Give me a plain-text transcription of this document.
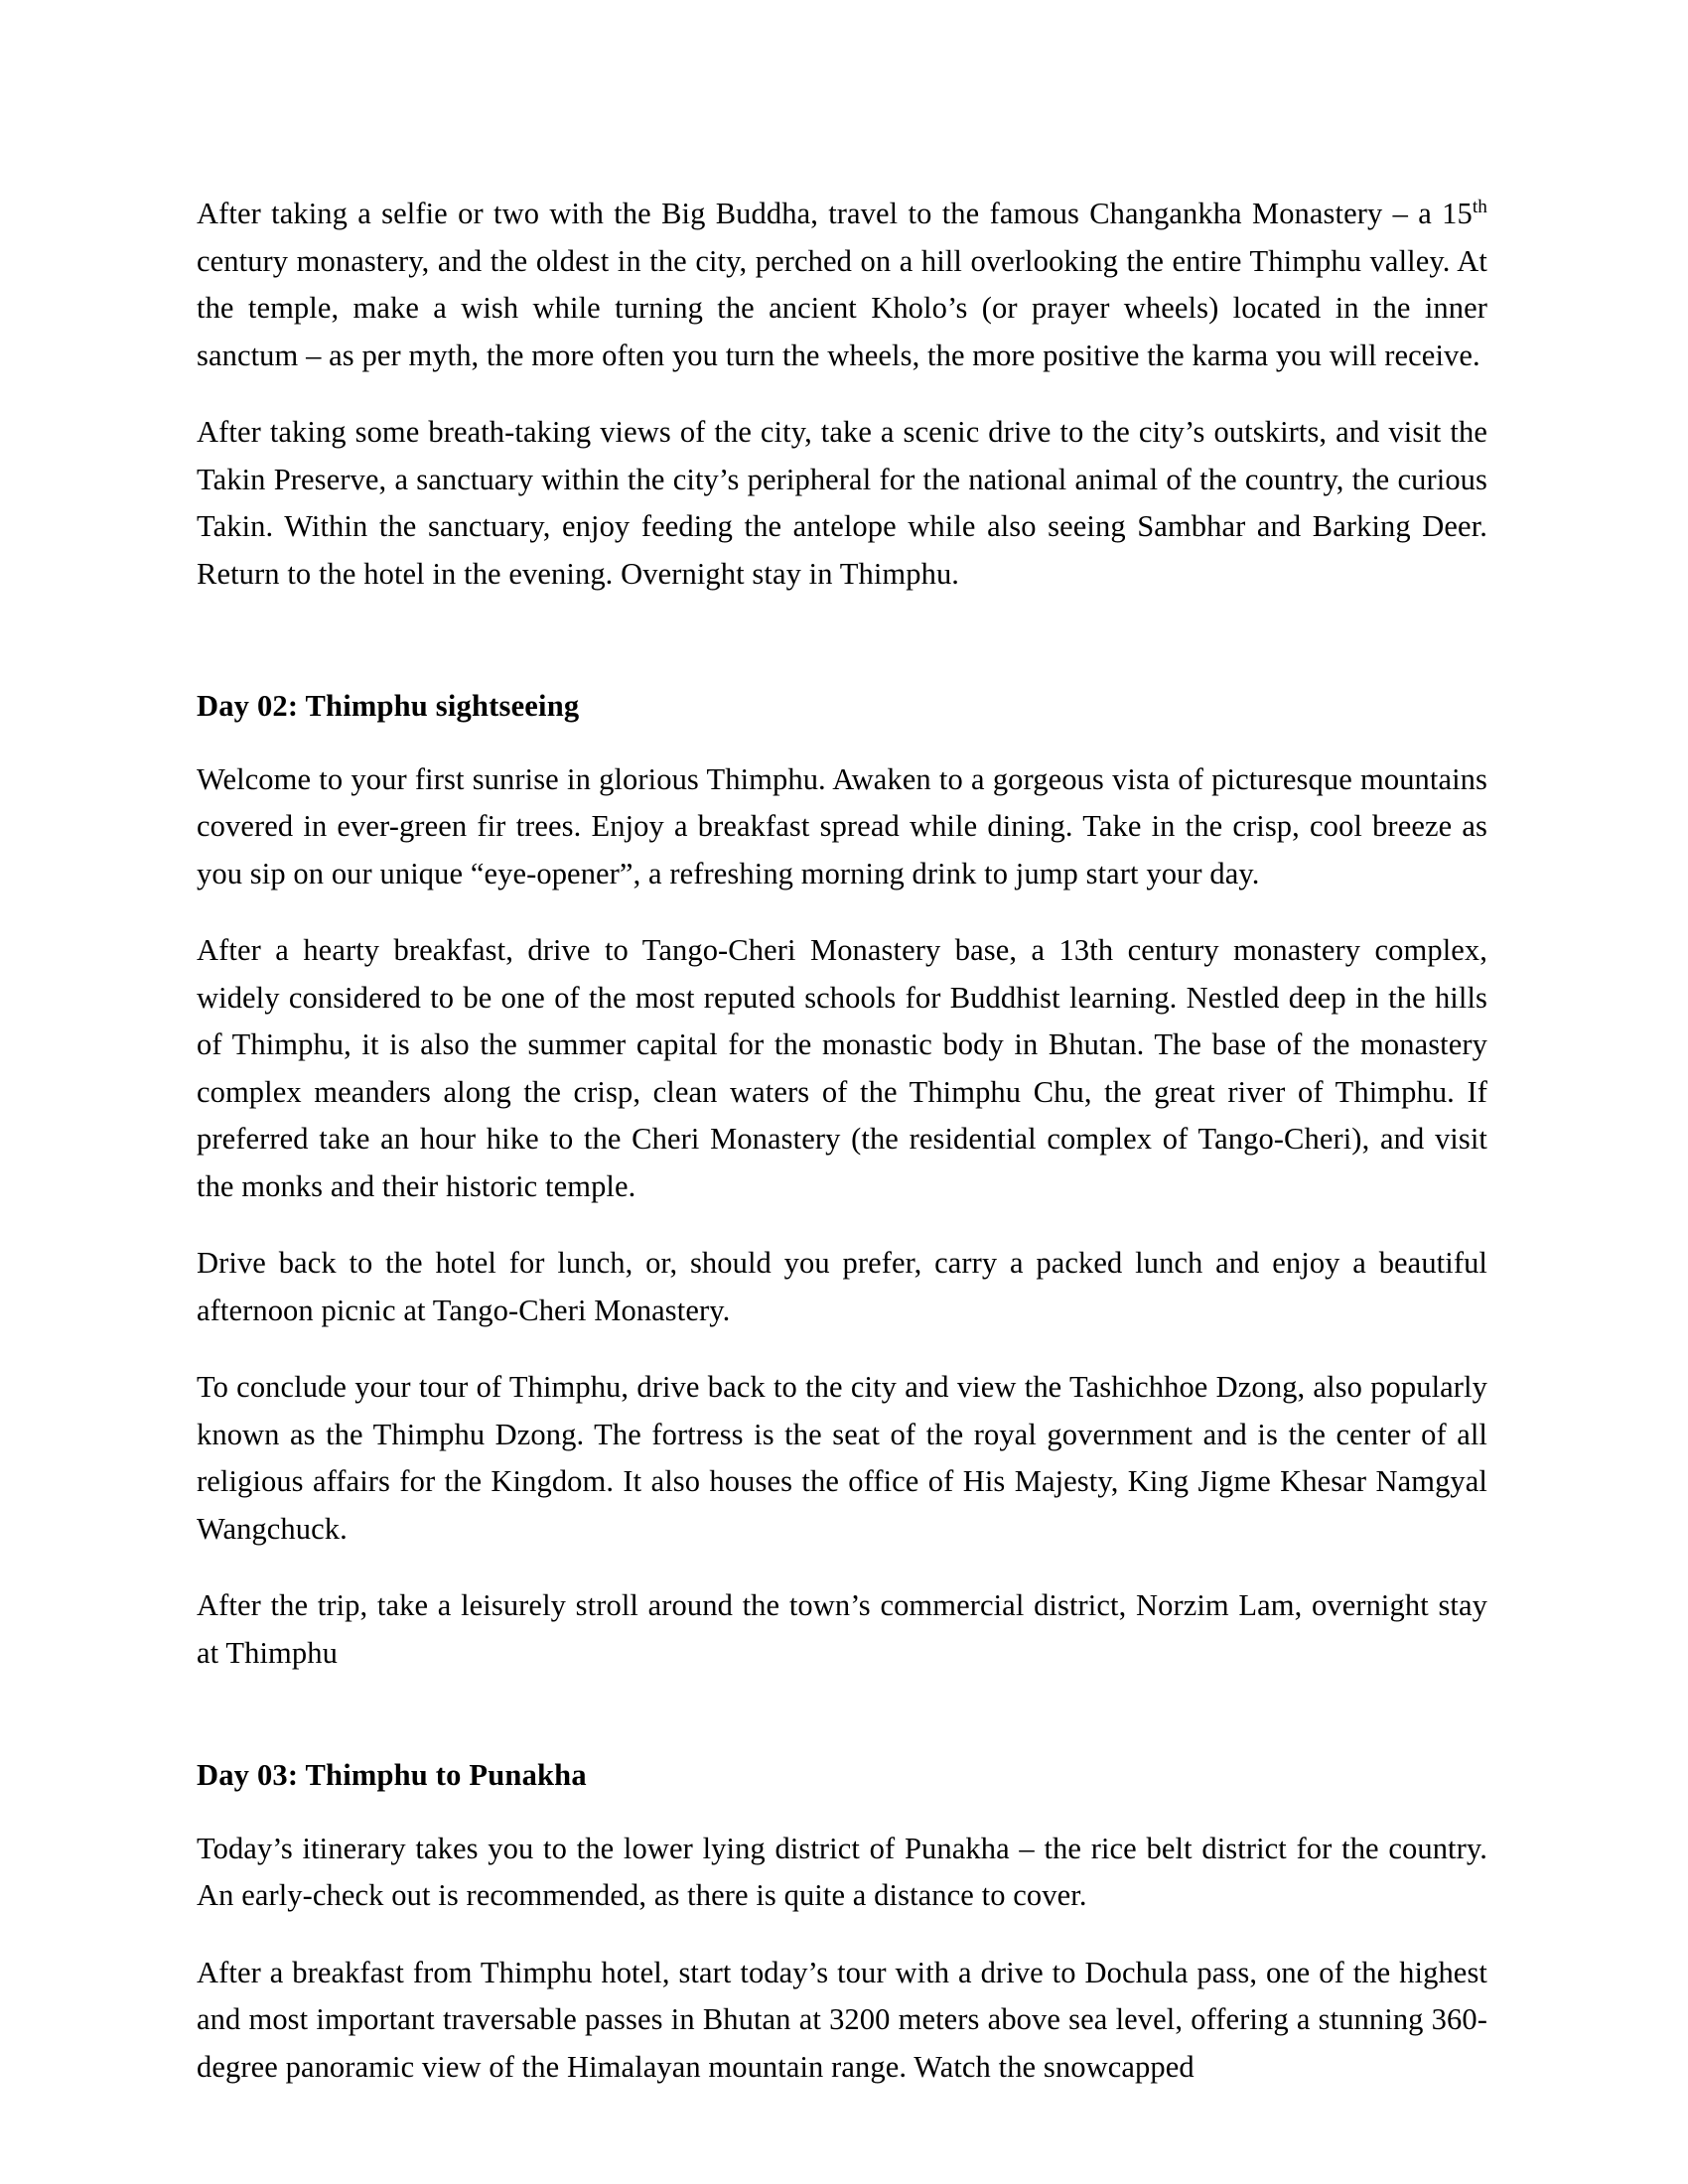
After taking a selfie or two with the Big Buddha, travel to the famous Changankha Monastery – a 15th century monastery, and the oldest in the city, perched on a hill overlooking the entire Thimphu valley. At the temple, make a wish while turning the ancient Kholo’s (or prayer wheels) located in the inner sanctum – as per myth, the more often you turn the wheels, the more positive the karma you will receive.

After taking some breath-taking views of the city, take a scenic drive to the city’s outskirts, and visit the Takin Preserve, a sanctuary within the city’s peripheral for the national animal of the country, the curious Takin. Within the sanctuary, enjoy feeding the antelope while also seeing Sambhar and Barking Deer. Return to the hotel in the evening. Overnight stay in Thimphu.

Day 02: Thimphu sightseeing

Welcome to your first sunrise in glorious Thimphu. Awaken to a gorgeous vista of picturesque mountains covered in ever-green fir trees. Enjoy a breakfast spread while dining. Take in the crisp, cool breeze as you sip on our unique “eye-opener”, a refreshing morning drink to jump start your day.

After a hearty breakfast, drive to Tango-Cheri Monastery base, a 13th century monastery complex, widely considered to be one of the most reputed schools for Buddhist learning. Nestled deep in the hills of Thimphu, it is also the summer capital for the monastic body in Bhutan. The base of the monastery complex meanders along the crisp, clean waters of the Thimphu Chu, the great river of Thimphu. If preferred take an hour hike to the Cheri Monastery (the residential complex of Tango-Cheri), and visit the monks and their historic temple.

Drive back to the hotel for lunch, or, should you prefer, carry a packed lunch and enjoy a beautiful afternoon picnic at Tango-Cheri Monastery.

To conclude your tour of Thimphu, drive back to the city and view the Tashichhoe Dzong, also popularly known as the Thimphu Dzong. The fortress is the seat of the royal government and is the center of all religious affairs for the Kingdom. It also houses the office of His Majesty, King Jigme Khesar Namgyal Wangchuck.

After the trip, take a leisurely stroll around the town’s commercial district, Norzim Lam, overnight stay at Thimphu

Day 03: Thimphu to Punakha

Today’s itinerary takes you to the lower lying district of Punakha – the rice belt district for the country. An early-check out is recommended, as there is quite a distance to cover.

After a breakfast from Thimphu hotel, start today’s tour with a drive to Dochula pass, one of the highest and most important traversable passes in Bhutan at 3200 meters above sea level, offering a stunning 360-degree panoramic view of the Himalayan mountain range. Watch the snowcapped
